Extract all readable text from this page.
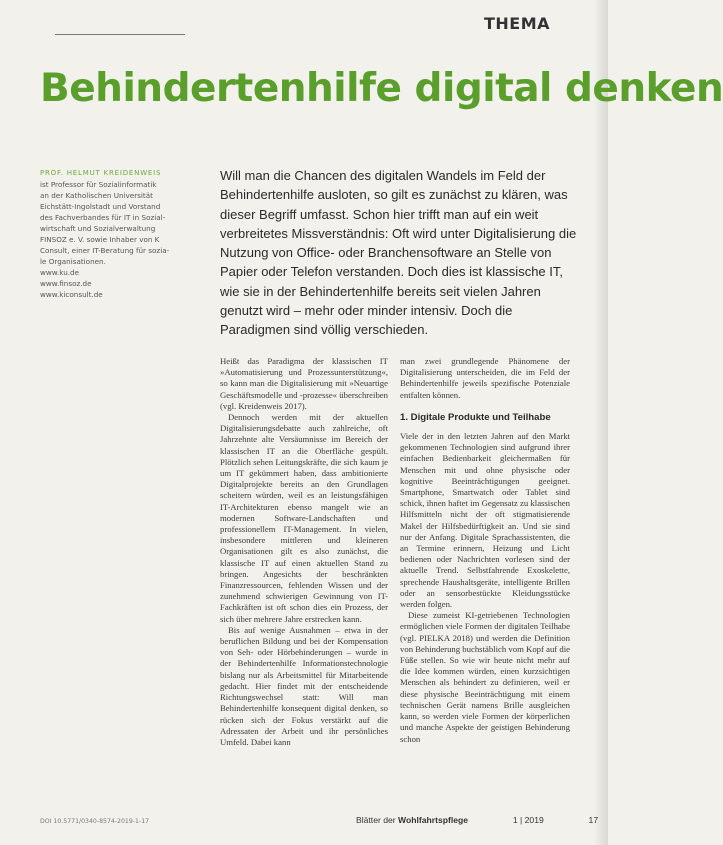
THEMA
Behindertenhilfe digital denken
PROF. HELMUT KREIDENWEIS
ist Professor für Sozialinformatik
an der Katholischen Universität
Eichstätt-Ingolstadt und Vorstand
des Fachverbandes für IT in Sozial-
wirtschaft und Sozialverwaltung
FINSOZ e. V. sowie Inhaber von K
Consult, einer IT-Beratung für sozia-
le Organisationen.
www.ku.de
www.finsoz.de
www.kiconsult.de

Will man die Chancen des digitalen Wandels im Feld der Behindertenhilfe ausloten, so gilt es zunächst zu klären, was dieser Begriff umfasst. Schon hier trifft man auf ein weit verbreitetes Missverständnis: Oft wird unter Digitalisierung die Nutzung von Office- oder Branchensoftware an Stelle von Papier oder Telefon verstanden. Doch dies ist klassische IT, wie sie in der Behindertenhilfe bereits seit vielen Jahren genutzt wird – mehr oder minder intensiv. Doch die Paradigmen sind völlig verschieden.

Heißt das Paradigma der klassischen IT »Automatisierung und Prozessunterstützung«, so kann man die Digitalisierung mit »Neuartige Geschäftsmodelle und -prozesse« überschreiben (vgl. Kreidenweis 2017).

Dennoch werden mit der aktuellen Digitalisierungsdebatte auch zahlreiche, oft Jahrzehnte alte Versäumnisse im Bereich der klassischen IT an die Oberfläche gespült. Plötzlich sehen Leitungskräfte, die sich kaum je um IT gekümmert haben, dass ambitionierte Digitalprojekte bereits an den Grundlagen scheitern würden, weil es an leistungsfähigen IT-Architekturen ebenso mangelt wie an modernen Software-Landschaften und professionellem IT-Management. In vielen, insbesondere mittleren und kleineren Organisationen gilt es also zunächst, die klassische IT auf einen aktuellen Stand zu bringen. Angesichts der beschränkten Finanzressourcen, fehlenden Wissen und der zunehmend schwierigen Gewinnung von IT-Fachkräften ist oft schon dies ein Prozess, der sich über mehrere Jahre erstrecken kann.

Bis auf wenige Ausnahmen – etwa in der beruflichen Bildung und bei der Kompensation von Seh- oder Hörbehinderungen – wurde in der Behindertenhilfe Informationstechnologie bislang nur als Arbeitsmittel für Mitarbeitende gedacht. Hier findet mit der entscheidende Richtungswechsel statt: Will man Behindertenhilfe konsequent digital denken, so rücken sich der Fokus verstärkt auf die Adressaten der Arbeit und ihr persönliches Umfeld. Dabei kann

man zwei grundlegende Phänomene der Digitalisierung unterscheiden, die im Feld der Behindertenhilfe jeweils spezifische Potenziale entfalten können.

1. Digitale Produkte und Teilhabe

Viele der in den letzten Jahren auf den Markt gekommenen Technologien sind aufgrund ihrer einfachen Bedienbarkeit gleichermaßen für Menschen mit und ohne physische oder kognitive Beeinträchtigungen geeignet. Smartphone, Smartwatch oder Tablet sind schick, ihnen haftet im Gegensatz zu klassischen Hilfsmitteln nicht der oft stigmatisierende Makel der Hilfsbedürftigkeit an. Und sie sind nur der Anfang. Digitale Sprachassistenten, die an Termine erinnern, Heizung und Licht bedienen oder Nachrichten vorlesen sind der aktuelle Trend. Selbstfahrende Exoskelette, sprechende Haushaltsgeräte, intelligente Brillen oder an sensorbestückte Kleidungsstücke werden folgen.

Diese zumeist KI-getriebenen Technologien ermöglichen viele Formen der digitalen Teilhabe (vgl. PIELKA 2018) und werden die Definition von Behinderung buchstäblich vom Kopf auf die Füße stellen. So wie wir heute nicht mehr auf die Idee kommen würden, einen kurzsichtigen Menschen als behindert zu definieren, weil er diese physische Beeinträchtigung mit einem technischen Gerät namens Brille ausgleichen kann, so werden viele Formen der körperlichen und manche Aspekte der geistigen Behinderung schon

DOI 10.5771/0340-8574-2019-1-17	Blätter der Wohlfahrtspflege	1 | 2019	17
